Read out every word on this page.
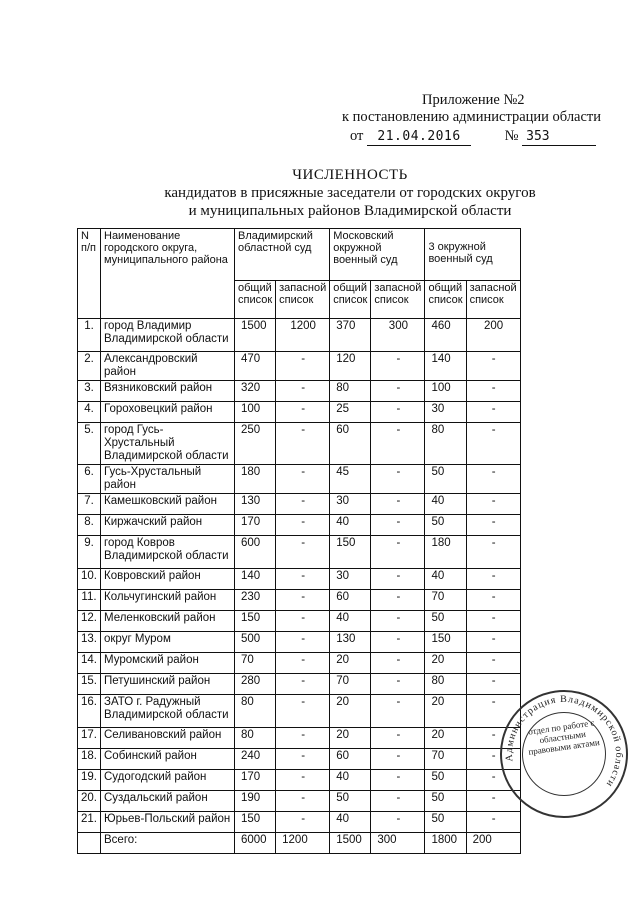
Приложение №2
к постановлению администрации области
от 21.04.2016	№ 353
ЧИСЛЕННОСТЬ
кандидатов в присяжные заседатели от городских округов
и муниципальных районов Владимирской области
N п/п	Наименование городского округа, муниципального района	Владимирский областной суд		Московский окружной военный суд		3 окружной военный суд	
		общий список	запасной список	общий список	запасной список	общий список	запасной список
1.	город Владимир Владимирской области	1500	1200	370	300	460	200
2.	Александровский район	470	-	120	-	140	-
3.	Вязниковский район	320	-	80	-	100	-
4.	Гороховецкий район	100	-	25	-	30	-
5.	город Гусь-Хрустальный Владимирской области	250	-	60	-	80	-
6.	Гусь-Хрустальный район	180	-	45	-	50	-
7.	Камешковский район	130	-	30	-	40	-
8.	Киржачский район	170	-	40	-	50	-
9.	город Ковров Владимирской области	600	-	150	-	180	-
10.	Ковровский район	140	-	30	-	40	-
11.	Кольчугинский район	230	-	60	-	70	-
12.	Меленковский район	150	-	40	-	50	-
13.	округ Муром	500	-	130	-	150	-
14.	Муромский район	70	-	20	-	20	-
15.	Петушинский район	280	-	70	-	80	-
16.	ЗАТО г. Радужный Владимирской области	80	-	20	-	20	-
17.	Селивановский район	80	-	20	-	20	-
18.	Собинский район	240	-	60	-	70	-
19.	Судогодский район	170	-	40	-	50	-
20.	Суздальский район	190	-	50	-	50	-
21.	Юрьев-Польский район	150	-	40	-	50	-
	Всего:	6000	1200	1500	300	1800	200
Администрация Владимирской области
отдел по работе с областными правовыми актами
